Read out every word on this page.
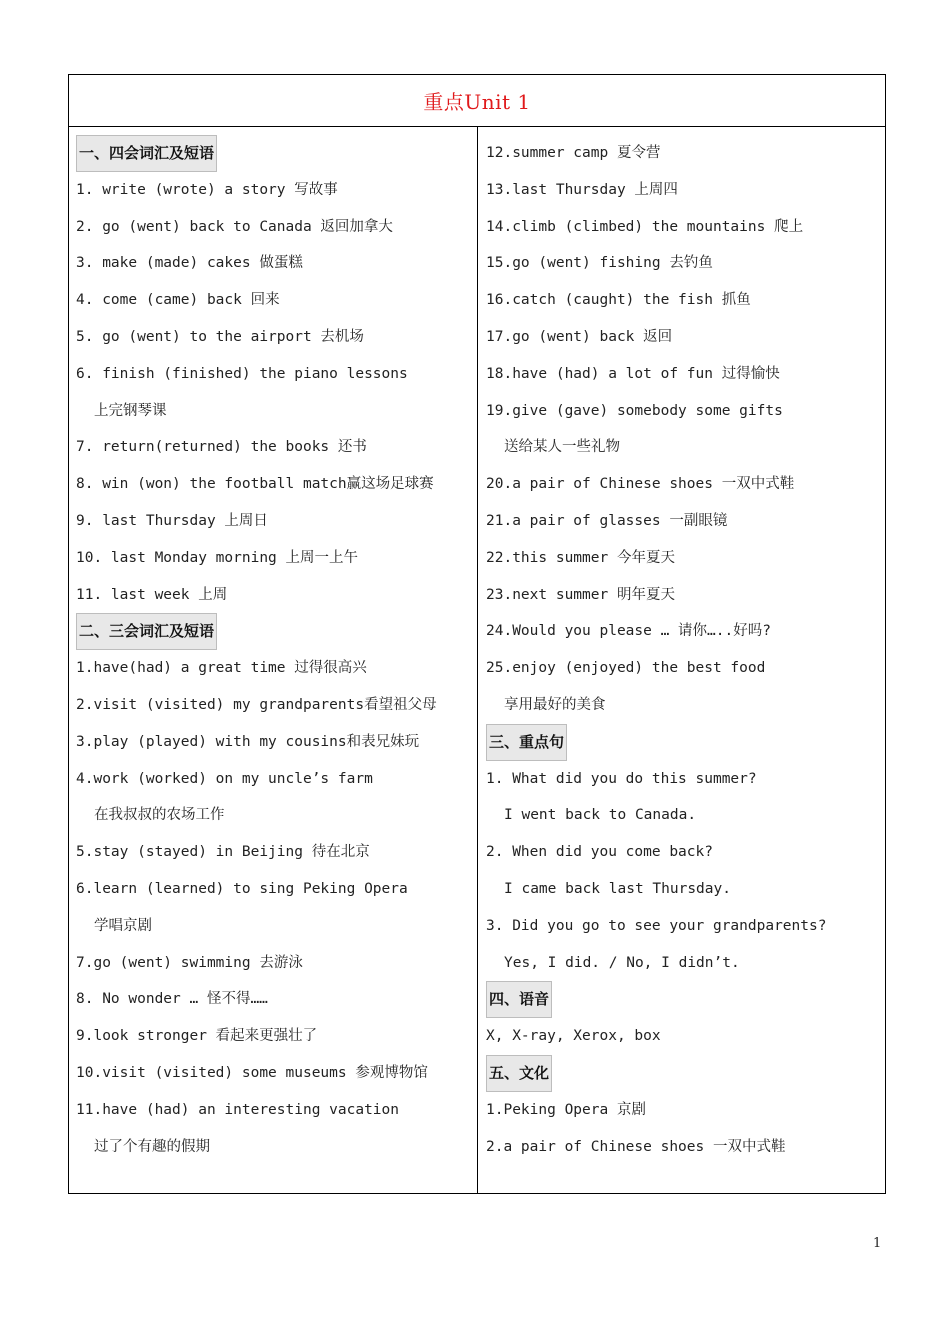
重点Unit 1
一、四会词汇及短语
1. write (wrote) a story 写故事
2. go (went) back to Canada 返回加拿大
3. make (made) cakes 做蛋糕
4. come (came) back 回来
5. go (went) to the airport 去机场
6. finish (finished) the piano lessons
上完钢琴课
7. return(returned) the books 还书
8. win (won) the football match赢这场足球赛
9. last Thursday 上周日
10. last Monday morning 上周一上午
11. last week 上周
二、三会词汇及短语
1.have(had) a great time 过得很高兴
2.visit (visited) my grandparents看望祖父母
3.play (played) with my cousins和表兄妹玩
4.work (worked) on my uncle’s farm
在我叔叔的农场工作
5.stay (stayed) in Beijing 待在北京
6.learn (learned) to sing Peking Opera
学唱京剧
7.go (went) swimming 去游泳
8. No wonder … 怪不得……
9.look stronger 看起来更强壮了
10.visit (visited) some museums 参观博物馆
11.have (had) an interesting vacation
过了个有趣的假期
12.summer camp 夏令营
13.last Thursday 上周四
14.climb (climbed) the mountains 爬上
15.go (went) fishing 去钓鱼
16.catch (caught) the fish 抓鱼
17.go (went) back 返回
18.have (had) a lot of fun 过得愉快
19.give (gave) somebody some gifts
送给某人一些礼物
20.a pair of Chinese shoes 一双中式鞋
21.a pair of glasses 一副眼镜
22.this summer 今年夏天
23.next summer 明年夏天
24.Would you please … 请你…..好吗?
25.enjoy (enjoyed) the best food
享用最好的美食
三、重点句
1. What did you do this summer?
I went back to Canada.
2. When did you come back?
I came back last Thursday.
3. Did you go to see your grandparents?
Yes, I did. / No, I didn’t.
四、语音
X, X-ray, Xerox, box
五、文化
1.Peking Opera 京剧
2.a pair of Chinese shoes 一双中式鞋
1
